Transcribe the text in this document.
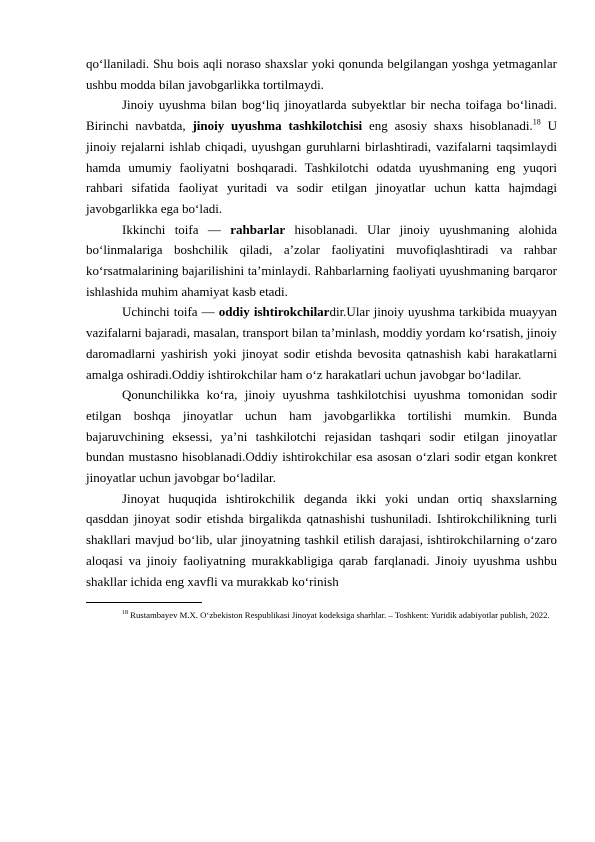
qo‘llaniladi. Shu bois aqli noraso shaxslar yoki qonunda belgilangan yoshga yetmaganlar ushbu modda bilan javobgarlikka tortilmaydi.

Jinoiy uyushma bilan bog‘liq jinoyatlarda subyektlar bir necha toifaga bo‘linadi. Birinchi navbatda, jinoiy uyushma tashkilotchisi eng asosiy shaxs hisoblanadi.$^{18}$ U jinoiy rejalarni ishlab chiqadi, uyushgan guruhlarni birlashtiradi, vazifalarni taqsimlaydi hamda umumiy faoliyatni boshqaradi. Tashkilotchi odatda uyushmaning eng yuqori rahbari sifatida faoliyat yuritadi va sodir etilgan jinoyatlar uchun katta hajmdagi javobgarlikka ega bo‘ladi.

Ikkinchi toifa — rahbarlar hisoblanadi. Ular jinoiy uyushmaning alohida bo‘linmalariga boshchilik qiladi, a’zolar faoliyatini muvofiqlashtiradi va rahbar ko‘rsatmalarining bajarilishini ta’minlaydi. Rahbarlarning faoliyati uyushmaning barqaror ishlashida muhim ahamiyat kasb etadi.

Uchinchi toifa — oddiy ishtirokchilardir.Ular jinoiy uyushma tarkibida muayyan vazifalarni bajaradi, masalan, transport bilan ta’minlash, moddiy yordam ko‘rsatish, jinoiy daromadlarni yashirish yoki jinoyat sodir etishda bevosita qatnashish kabi harakatlarni amalga oshiradi.Oddiy ishtirokchilar ham o‘z harakatlari uchun javobgar bo‘ladilar.

Qonunchilikka ko‘ra, jinoiy uyushma tashkilotchisi uyushma tomonidan sodir etilgan boshqa jinoyatlar uchun ham javobgarlikka tortilishi mumkin. Bunda bajaruvchining eksessi, ya’ni tashkilotchi rejasidan tashqari sodir etilgan jinoyatlar bundan mustasno hisoblanadi.Oddiy ishtirokchilar esa asosan o‘zlari sodir etgan konkret jinoyatlar uchun javobgar bo‘ladilar.

Jinoyat huquqida ishtirokchilik deganda ikki yoki undan ortiq shaxslarning qasddan jinoyat sodir etishda birgalikda qatnashishi tushuniladi. Ishtirokchilikning turli shakllari mavjud bo‘lib, ular jinoyatning tashkil etilish darajasi, ishtirokchilarning o‘zaro aloqasi va jinoiy faoliyatning murakkabligiga qarab farqlanadi. Jinoiy uyushma ushbu shakllar ichida eng xavfli va murakkab ko‘rinish

$^{18}$ Rustambayev M.X. O‘zbekiston Respublikasi Jinoyat kodeksiga sharhlar. – Toshkent: Yuridik adabiyotlar publish, 2022.
